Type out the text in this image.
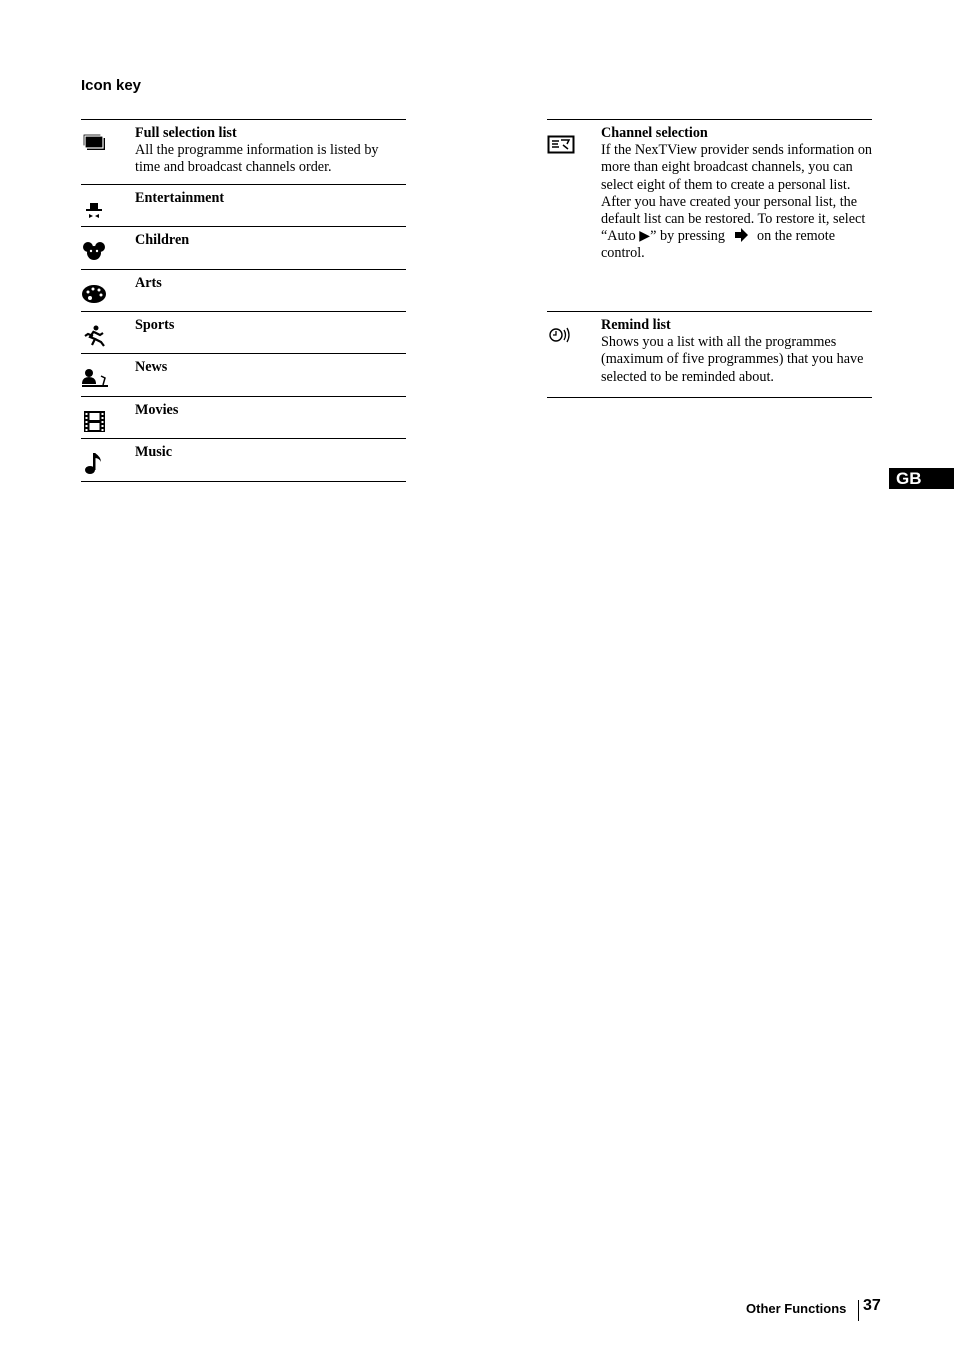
Icon key
Full selection list
All the programme information is listed by time and broadcast channels order.
Entertainment
Children
Arts
Sports
News
Movies
Music
Channel selection
If the NexTView provider sends information on more than eight broadcast channels, you can select eight of them to create a personal list.
After you have created your personal list, the default list can be restored. To restore it, select “Auto ▶” by pressing on the remote control.
Remind list
Shows you a list with all the programmes (maximum of five programmes) that you have selected to be reminded about.
GB
Other Functions 37
